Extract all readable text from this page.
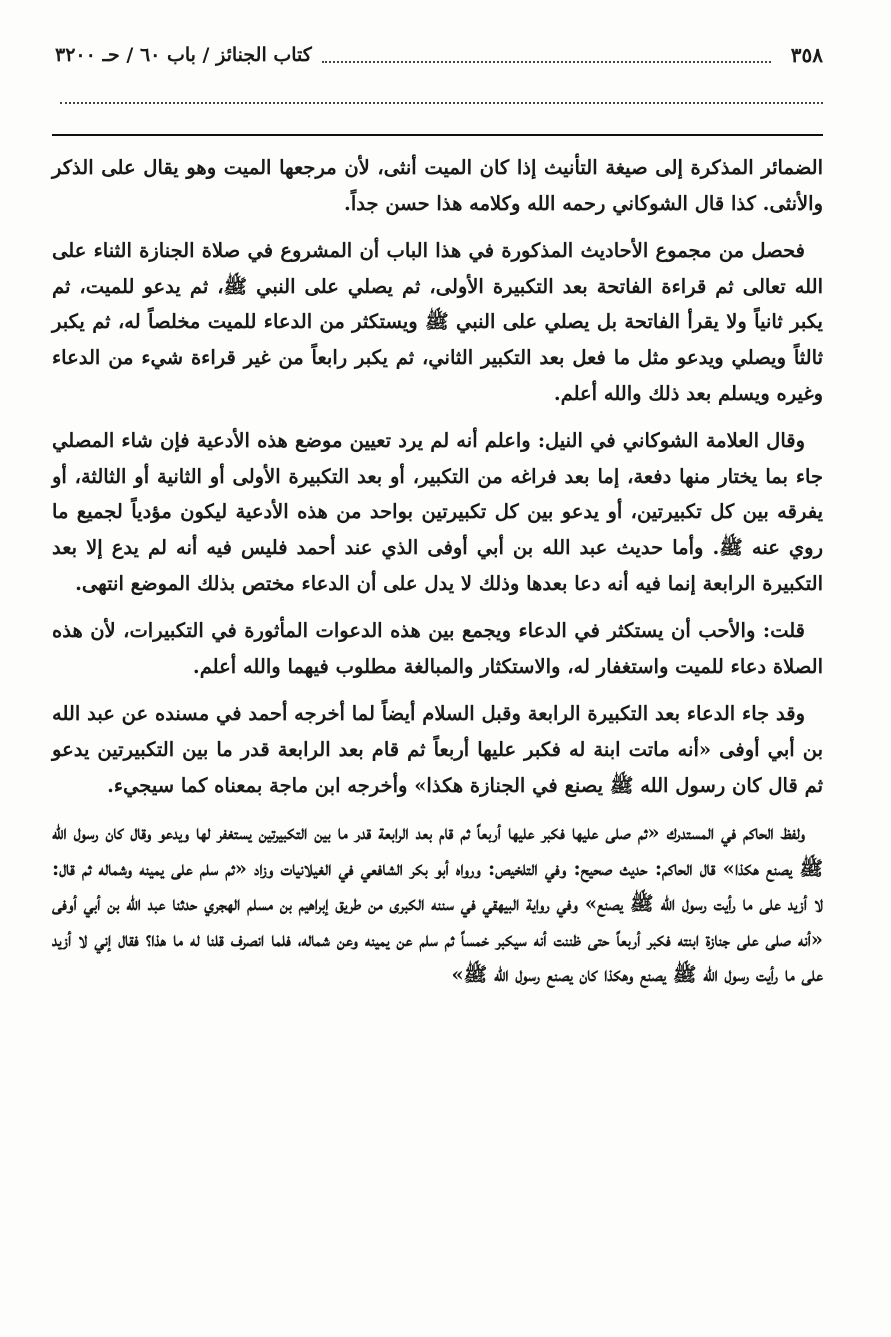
٣٥٨
كتاب الجنائز / باب ٦٠ / حـ ٣٢٠٠

الضمائر المذكرة إلى صيغة التأنيث إذا كان الميت أنثى، لأن مرجعها الميت وهو يقال على الذكر والأنثى. كذا قال الشوكاني رحمه الله وكلامه هذا حسن جداً.

فحصل من مجموع الأحاديث المذكورة في هذا الباب أن المشروع في صلاة الجنازة الثناء على الله تعالى ثم قراءة الفاتحة بعد التكبيرة الأولى، ثم يصلي على النبي ﷺ، ثم يدعو للميت، ثم يكبر ثانياً ولا يقرأ الفاتحة بل يصلي على النبي ﷺ ويستكثر من الدعاء للميت مخلصاً له، ثم يكبر ثالثاً ويصلي ويدعو مثل ما فعل بعد التكبير الثاني، ثم يكبر رابعاً من غير قراءة شيء من الدعاء وغيره ويسلم بعد ذلك والله أعلم.

وقال العلامة الشوكاني في النيل: واعلم أنه لم يرد تعيين موضع هذه الأدعية فإن شاء المصلي جاء بما يختار منها دفعة، إما بعد فراغه من التكبير، أو بعد التكبيرة الأولى أو الثانية أو الثالثة، أو يفرقه بين كل تكبيرتين، أو يدعو بين كل تكبيرتين بواحد من هذه الأدعية ليكون مؤدياً لجميع ما روي عنه ﷺ. وأما حديث عبد الله بن أبي أوفى الذي عند أحمد فليس فيه أنه لم يدع إلا بعد التكبيرة الرابعة إنما فيه أنه دعا بعدها وذلك لا يدل على أن الدعاء مختص بذلك الموضع انتهى.

قلت: والأحب أن يستكثر في الدعاء ويجمع بين هذه الدعوات المأثورة في التكبيرات، لأن هذه الصلاة دعاء للميت واستغفار له، والاستكثار والمبالغة مطلوب فيهما والله أعلم.

وقد جاء الدعاء بعد التكبيرة الرابعة وقبل السلام أيضاً لما أخرجه أحمد في مسنده عن عبد الله بن أبي أوفى «أنه ماتت ابنة له فكبر عليها أربعاً ثم قام بعد الرابعة قدر ما بين التكبيرتين يدعو ثم قال كان رسول الله ﷺ يصنع في الجنازة هكذا» وأخرجه ابن ماجة بمعناه كما سيجيء.

ولفظ الحاكم في المستدرك «ثم صلى عليها فكبر عليها أربعاً ثم قام بعد الرابعة قدر ما بين التكبيرتين يستغفر لها ويدعو وقال كان رسول الله ﷺ يصنع هكذا» قال الحاكم: حديث صحيح: وفي التلخيص: ورواه أبو بكر الشافعي في الغيلانيات وزاد «ثم سلم على يمينه وشماله ثم قال: لا أزيد على ما رأيت رسول الله ﷺ يصنع» وفي رواية البيهقي في سننه الكبرى من طريق إبراهيم بن مسلم الهجري حدثنا عبد الله بن أبي أوفى «أنه صلى على جنازة ابنته فكبر أربعاً حتى ظننت أنه سيكبر خمساً ثم سلم عن يمينه وعن شماله، فلما انصرف قلنا له ما هذا؟ فقال إني لا أزيد على ما رأيت رسول الله ﷺ يصنع وهكذا كان يصنع رسول الله ﷺ»
